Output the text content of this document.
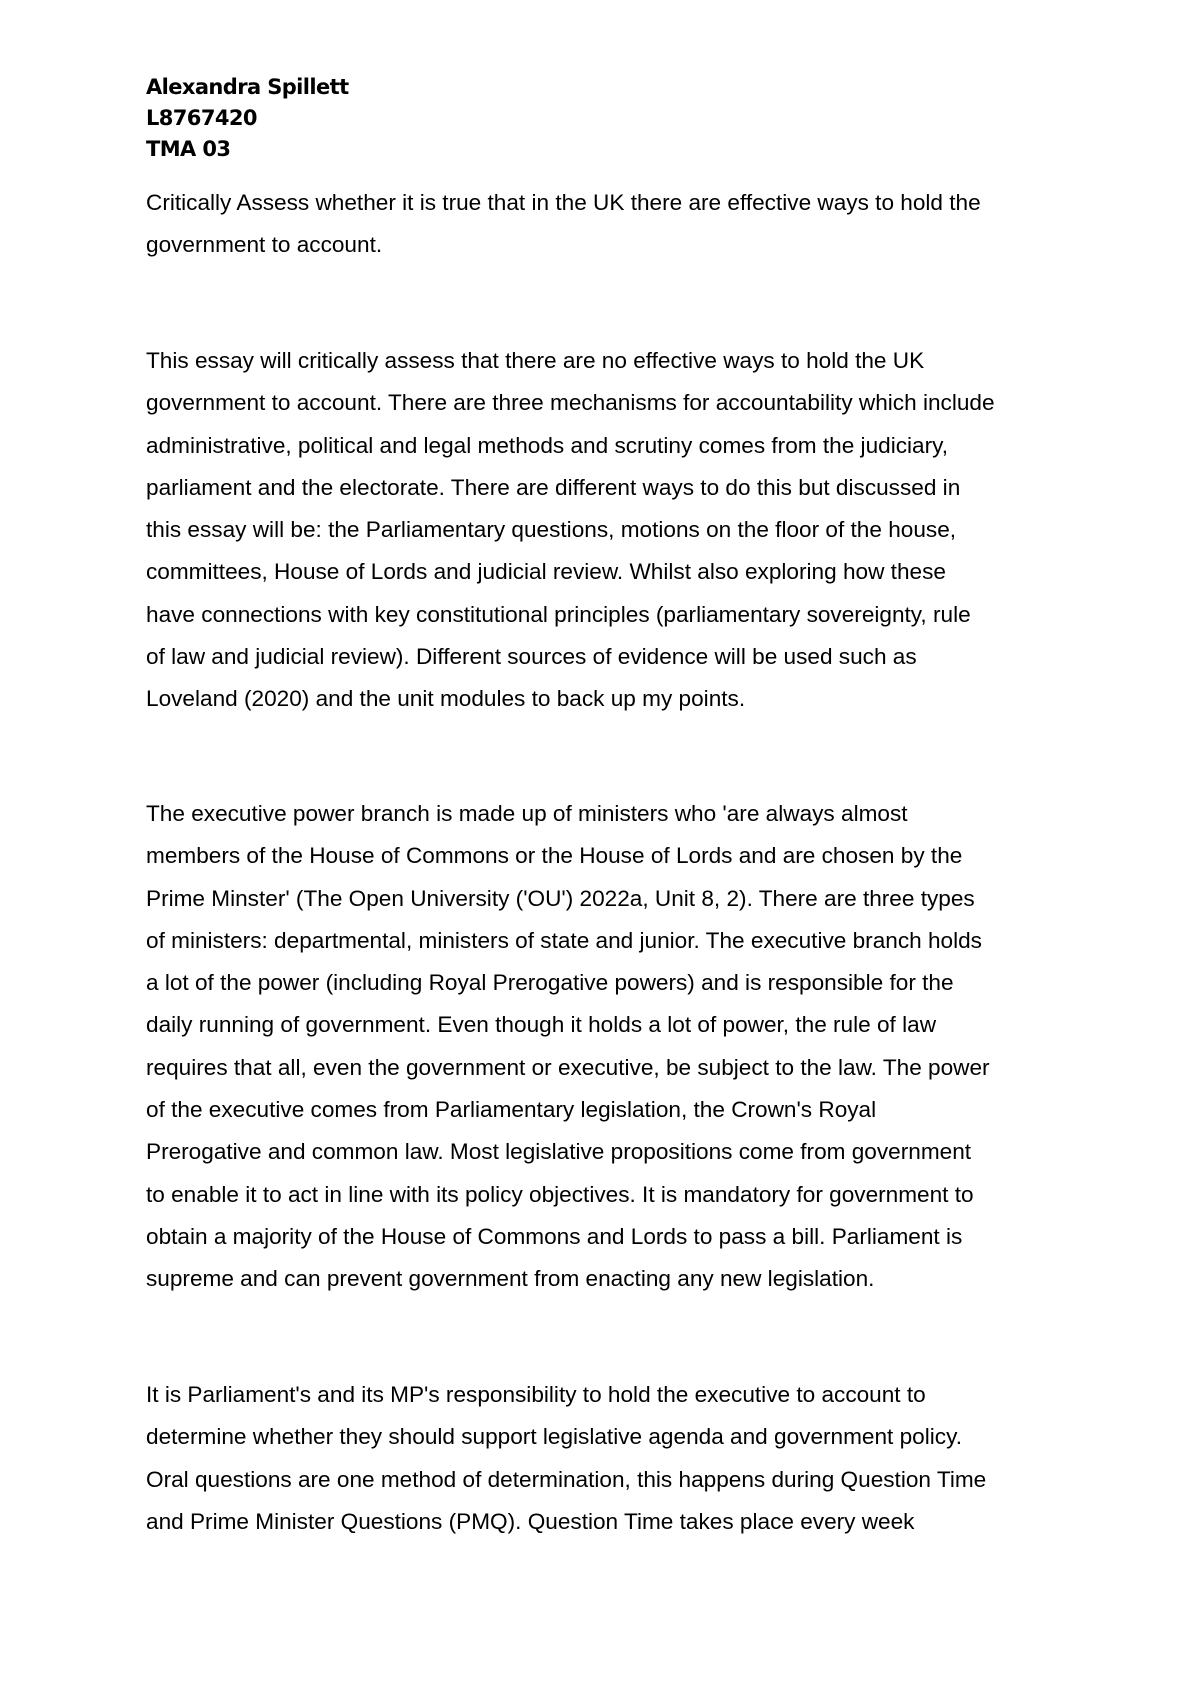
Alexandra Spillett
L8767420
TMA 03
Critically Assess whether it is true that in the UK there are effective ways to hold the
government to account.
This essay will critically assess that there are no effective ways to hold the UK
government to account. There are three mechanisms for accountability which include
administrative, political and legal methods and scrutiny comes from the judiciary,
parliament and the electorate. There are different ways to do this but discussed in
this essay will be: the Parliamentary questions, motions on the floor of the house,
committees, House of Lords and judicial review. Whilst also exploring how these
have connections with key constitutional principles (parliamentary sovereignty, rule
of law and judicial review). Different sources of evidence will be used such as
Loveland (2020) and the unit modules to back up my points.
The executive power branch is made up of ministers who 'are always almost
members of the House of Commons or the House of Lords and are chosen by the
Prime Minster' (The Open University ('OU') 2022a, Unit 8, 2). There are three types
of ministers: departmental, ministers of state and junior. The executive branch holds
a lot of the power (including Royal Prerogative powers) and is responsible for the
daily running of government. Even though it holds a lot of power, the rule of law
requires that all, even the government or executive, be subject to the law. The power
of the executive comes from Parliamentary legislation, the Crown's Royal
Prerogative and common law. Most legislative propositions come from government
to enable it to act in line with its policy objectives. It is mandatory for government to
obtain a majority of the House of Commons and Lords to pass a bill. Parliament is
supreme and can prevent government from enacting any new legislation.
It is Parliament's and its MP's responsibility to hold the executive to account to
determine whether they should support legislative agenda and government policy.
Oral questions are one method of determination, this happens during Question Time
and Prime Minister Questions (PMQ). Question Time takes place every week
